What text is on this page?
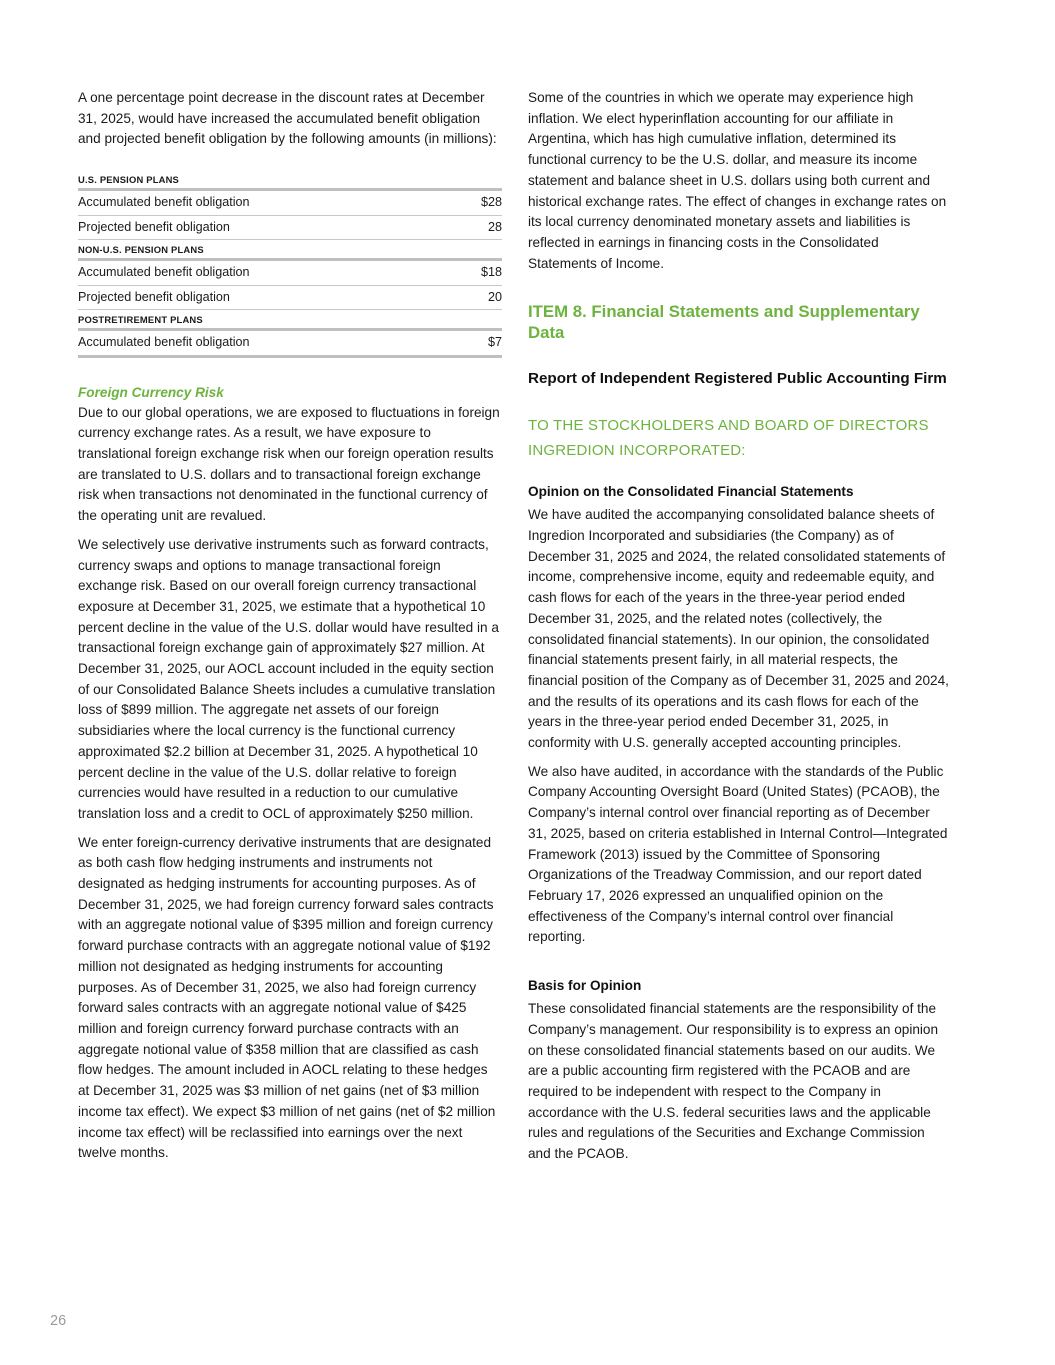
A one percentage point decrease in the discount rates at December 31, 2025, would have increased the accumulated benefit obligation and projected benefit obligation by the following amounts (in millions):

U.S. PENSION PLANS
Accumulated benefit obligation	$28
Projected benefit obligation	28
NON-U.S. PENSION PLANS
Accumulated benefit obligation	$18
Projected benefit obligation	20
POSTRETIREMENT PLANS
Accumulated benefit obligation	$7
Foreign Currency Risk

Due to our global operations, we are exposed to fluctuations in foreign currency exchange rates. As a result, we have exposure to translational foreign exchange risk when our foreign operation results are translated to U.S. dollars and to transactional foreign exchange risk when transactions not denominated in the functional currency of the operating unit are revalued.

We selectively use derivative instruments such as forward contracts, currency swaps and options to manage transactional foreign exchange risk. Based on our overall foreign currency transactional exposure at December 31, 2025, we estimate that a hypothetical 10 percent decline in the value of the U.S. dollar would have resulted in a transactional foreign exchange gain of approximately $27 million. At December 31, 2025, our AOCL account included in the equity section of our Consolidated Balance Sheets includes a cumulative translation loss of $899 million. The aggregate net assets of our foreign subsidiaries where the local currency is the functional currency approximated $2.2 billion at December 31, 2025. A hypothetical 10 percent decline in the value of the U.S. dollar relative to foreign currencies would have resulted in a reduction to our cumulative translation loss and a credit to OCL of approximately $250 million.

We enter foreign-currency derivative instruments that are designated as both cash flow hedging instruments and instruments not designated as hedging instruments for accounting purposes. As of December 31, 2025, we had foreign currency forward sales contracts with an aggregate notional value of $395 million and foreign currency forward purchase contracts with an aggregate notional value of $192 million not designated as hedging instruments for accounting purposes. As of December 31, 2025, we also had foreign currency forward sales contracts with an aggregate notional value of $425 million and foreign currency forward purchase contracts with an aggregate notional value of $358 million that are classified as cash flow hedges. The amount included in AOCL relating to these hedges at December 31, 2025 was $3 million of net gains (net of $3 million income tax effect). We expect $3 million of net gains (net of $2 million income tax effect) will be reclassified into earnings over the next twelve months.

Some of the countries in which we operate may experience high inflation. We elect hyperinflation accounting for our affiliate in Argentina, which has high cumulative inflation, determined its functional currency to be the U.S. dollar, and measure its income statement and balance sheet in U.S. dollars using both current and historical exchange rates. The effect of changes in exchange rates on its local currency denominated monetary assets and liabilities is reflected in earnings in financing costs in the Consolidated Statements of Income.

ITEM 8. Financial Statements and Supplementary Data
Report of Independent Registered Public Accounting Firm
TO THE STOCKHOLDERS AND BOARD OF DIRECTORS
INGREDION INCORPORATED:
Opinion on the Consolidated Financial Statements

We have audited the accompanying consolidated balance sheets of Ingredion Incorporated and subsidiaries (the Company) as of December 31, 2025 and 2024, the related consolidated statements of income, comprehensive income, equity and redeemable equity, and cash flows for each of the years in the three-year period ended December 31, 2025, and the related notes (collectively, the consolidated financial statements). In our opinion, the consolidated financial statements present fairly, in all material respects, the financial position of the Company as of December 31, 2025 and 2024, and the results of its operations and its cash flows for each of the years in the three-year period ended December 31, 2025, in conformity with U.S. generally accepted accounting principles.

We also have audited, in accordance with the standards of the Public Company Accounting Oversight Board (United States) (PCAOB), the Company’s internal control over financial reporting as of December 31, 2025, based on criteria established in Internal Control—Integrated Framework (2013) issued by the Committee of Sponsoring Organizations of the Treadway Commission, and our report dated February 17, 2026 expressed an unqualified opinion on the effectiveness of the Company’s internal control over financial reporting.

Basis for Opinion

These consolidated financial statements are the responsibility of the Company’s management. Our responsibility is to express an opinion on these consolidated financial statements based on our audits. We are a public accounting firm registered with the PCAOB and are required to be independent with respect to the Company in accordance with the U.S. federal securities laws and the applicable rules and regulations of the Securities and Exchange Commission and the PCAOB.

26
